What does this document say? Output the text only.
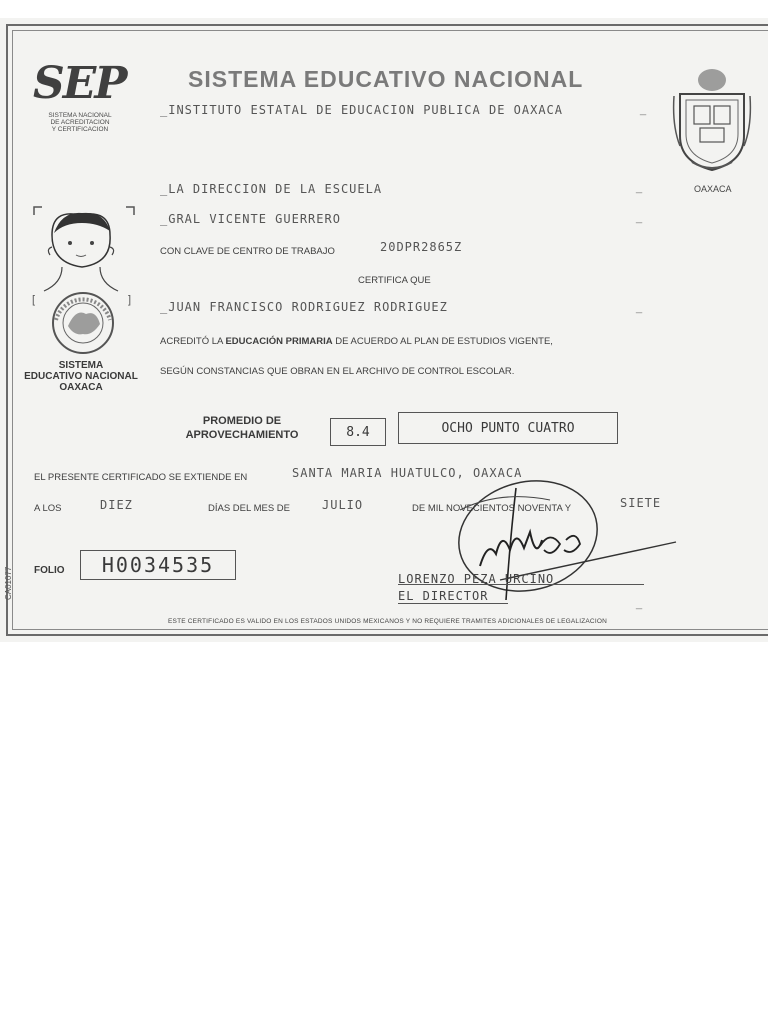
SEP
SISTEMA NACIONAL
DE ACREDITACION
Y CERTIFICACION
SISTEMA EDUCATIVO NACIONAL
_INSTITUTO ESTATAL DE EDUCACION PUBLICA DE OAXACA	_
OAXACA
_LA DIRECCION DE LA ESCUELA	_
_GRAL VICENTE GUERRERO	_
CON CLAVE DE CENTRO DE TRABAJO	20DPR2865Z
CERTIFICA QUE
_JUAN FRANCISCO RODRIGUEZ RODRIGUEZ	_
ACREDITÓ LA EDUCACIÓN PRIMARIA DE ACUERDO AL PLAN DE ESTUDIOS VIGENTE,
SEGÚN CONSTANCIAS QUE OBRAN EN EL ARCHIVO DE CONTROL ESCOLAR.
[	]
SISTEMA
EDUCATIVO NACIONAL
OAXACA
PROMEDIO DE
APROVECHAMIENTO	8.4	OCHO PUNTO CUATRO
EL PRESENTE CERTIFICADO SE EXTIENDE EN	SANTA MARIA HUATULCO, OAXACA
A LOS	DIEZ	DÍAS DEL MES DE	JULIO	DE MIL NOVECIENTOS NOVENTA Y	SIETE
FOLIO	H0034535
LORENZO PEZA URCINO
EL DIRECTOR
_
CA01077
ESTE CERTIFICADO ES VALIDO EN LOS ESTADOS UNIDOS MEXICANOS Y NO REQUIERE TRAMITES ADICIONALES DE LEGALIZACION
